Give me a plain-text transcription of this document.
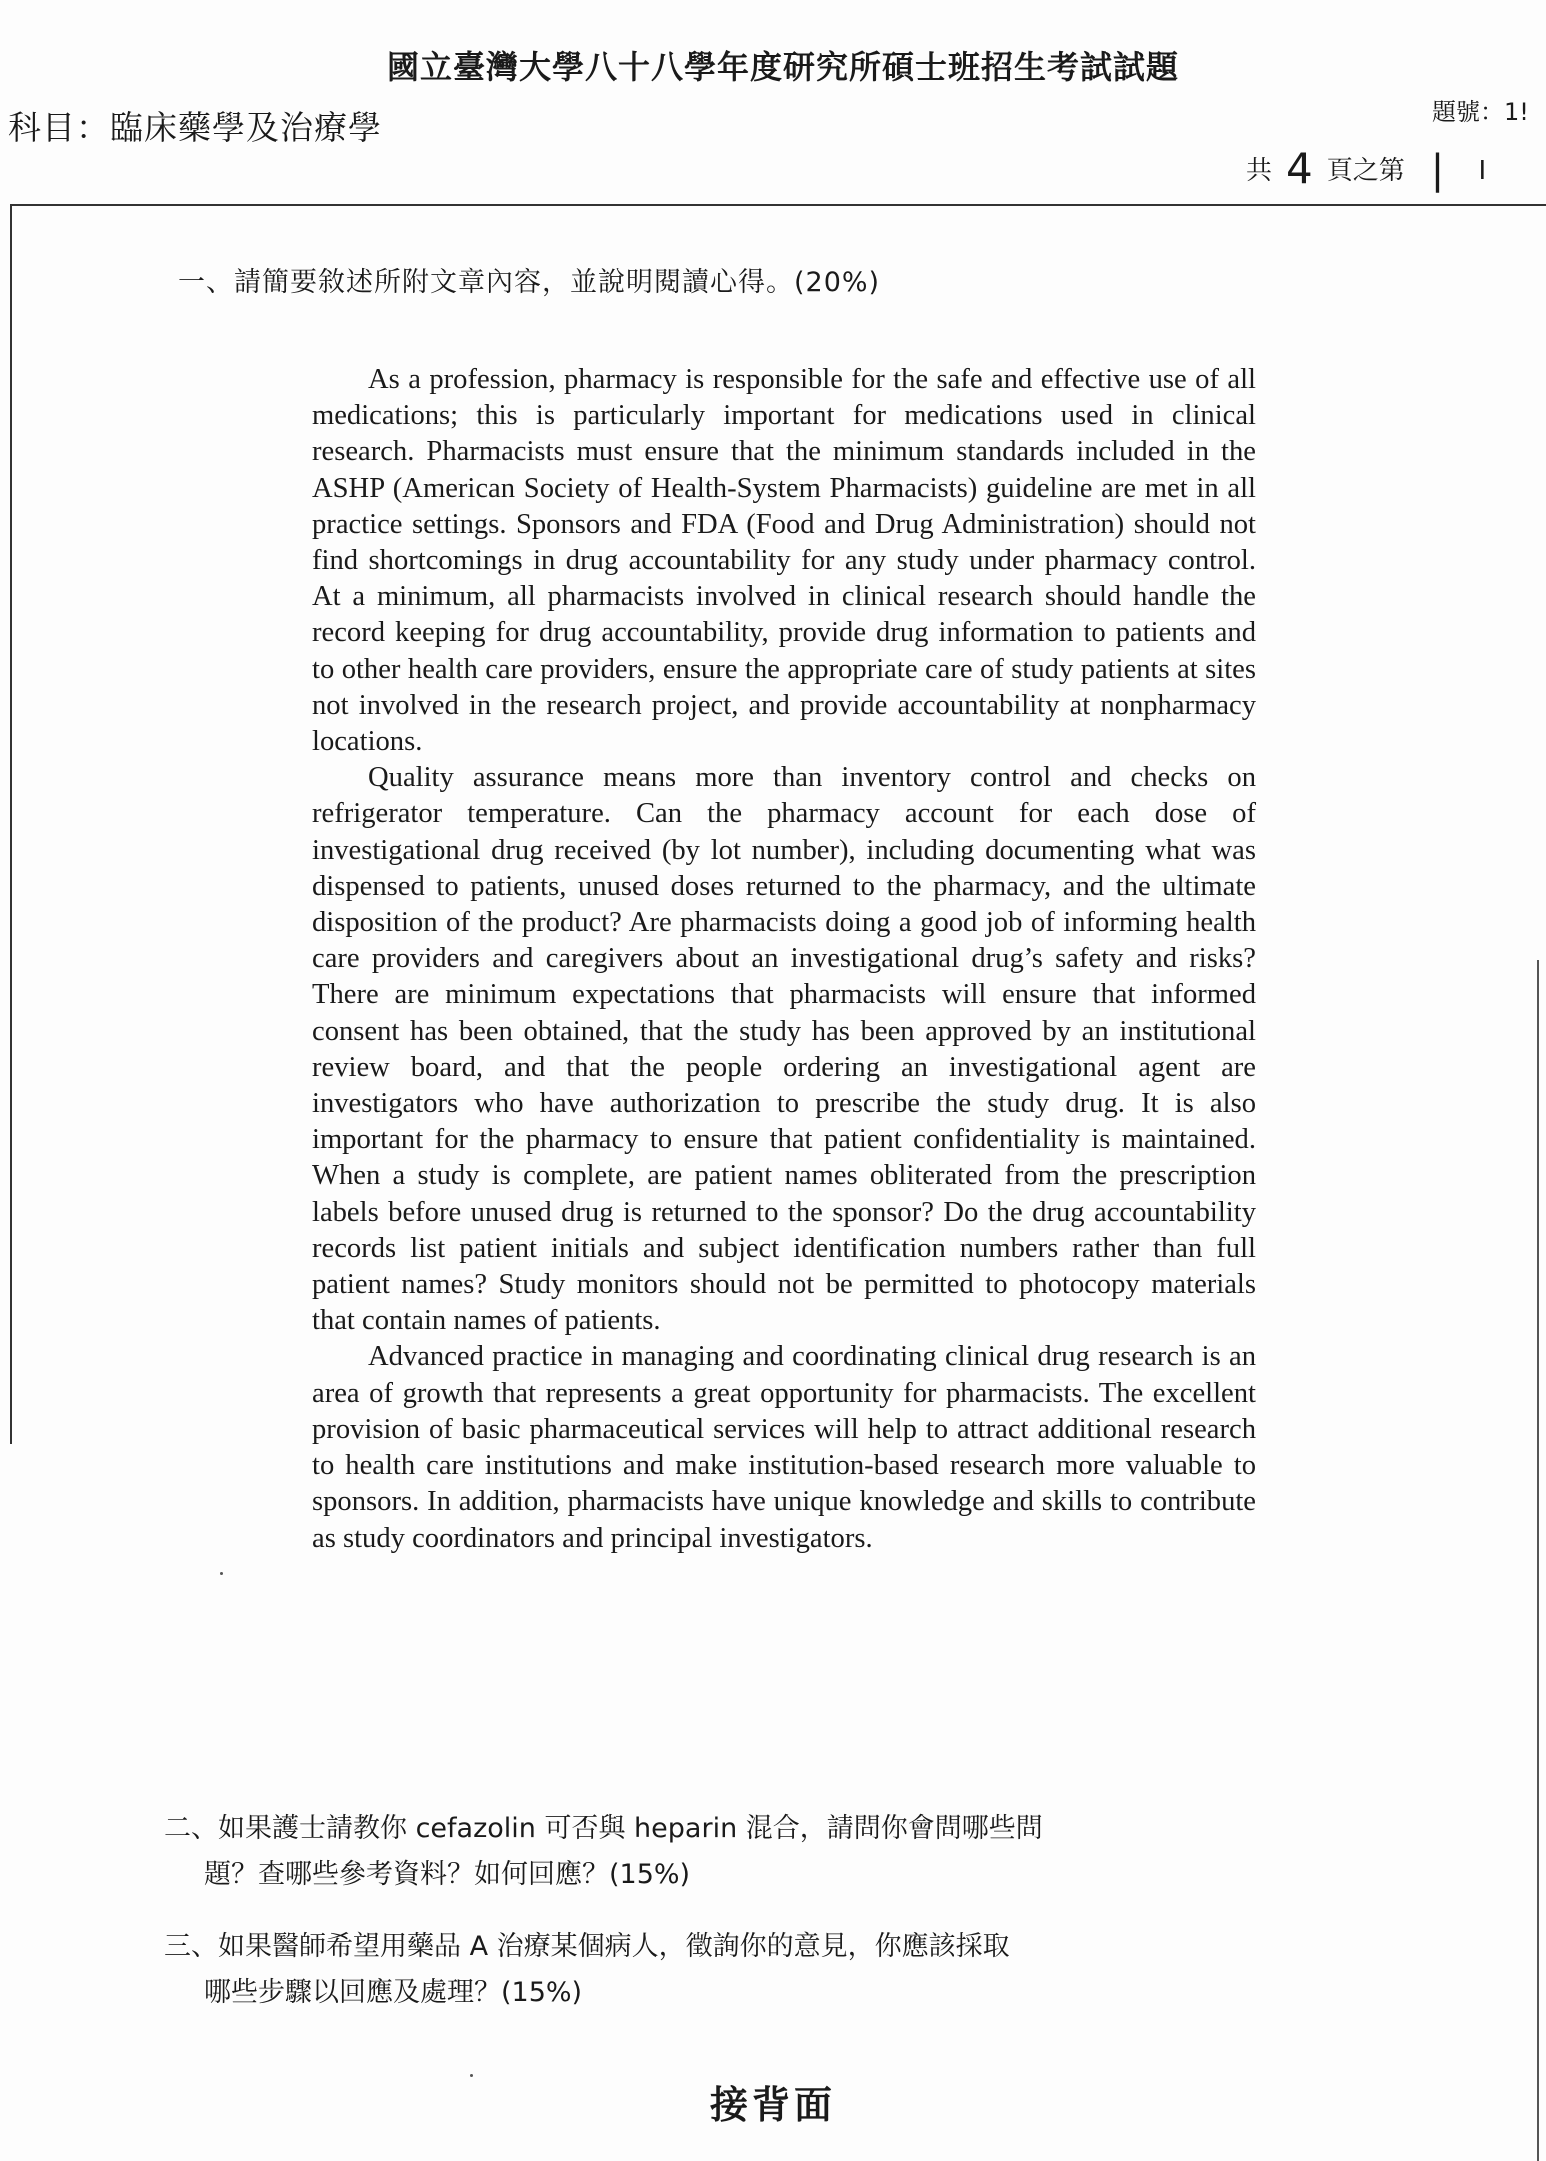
國立臺灣大學八十八學年度研究所碩士班招生考試試題
科目：臨床藥學及治療學	題號：1!
共 4 頁之第 | I
一、請簡要敘述所附文章內容，並說明閱讀心得。(20%)

As a profession, pharmacy is responsible for the safe and effective use of all medications; this is particularly important for medications used in clinical research. Pharmacists must ensure that the minimum standards included in the ASHP (American Society of Health-System Pharmacists) guideline are met in all practice settings. Sponsors and FDA (Food and Drug Administration) should not find shortcomings in drug accountability for any study under pharmacy control. At a minimum, all pharmacists involved in clinical research should handle the record keeping for drug accountability, provide drug information to patients and to other health care providers, ensure the appropriate care of study patients at sites not involved in the research project, and provide accountability at nonpharmacy locations.

Quality assurance means more than inventory control and checks on refrigerator temperature. Can the pharmacy account for each dose of investigational drug received (by lot number), including documenting what was dispensed to patients, unused doses returned to the pharmacy, and the ultimate disposition of the product? Are pharmacists doing a good job of informing health care providers and caregivers about an investigational drug’s safety and risks? There are minimum expectations that pharmacists will ensure that informed consent has been obtained, that the study has been approved by an institutional review board, and that the people ordering an investigational agent are investigators who have authorization to prescribe the study drug. It is also important for the pharmacy to ensure that patient confidentiality is maintained. When a study is complete, are patient names obliterated from the prescription labels before unused drug is returned to the sponsor? Do the drug accountability records list patient initials and subject identification numbers rather than full patient names? Study monitors should not be permitted to photocopy materials that contain names of patients.

Advanced practice in managing and coordinating clinical drug research is an area of growth that represents a great opportunity for pharmacists. The excellent provision of basic pharmaceutical services will help to attract additional research to health care institutions and make institution-based research more valuable to sponsors. In addition, pharmacists have unique knowledge and skills to contribute as study coordinators and principal investigators.

二、如果護士請教你 cefazolin 可否與 heparin 混合，請問你會問哪些問
題？查哪些參考資料？如何回應？(15%)
三、如果醫師希望用藥品 A 治療某個病人，徵詢你的意見，你應該採取
哪些步驟以回應及處理？(15%)
接背面
